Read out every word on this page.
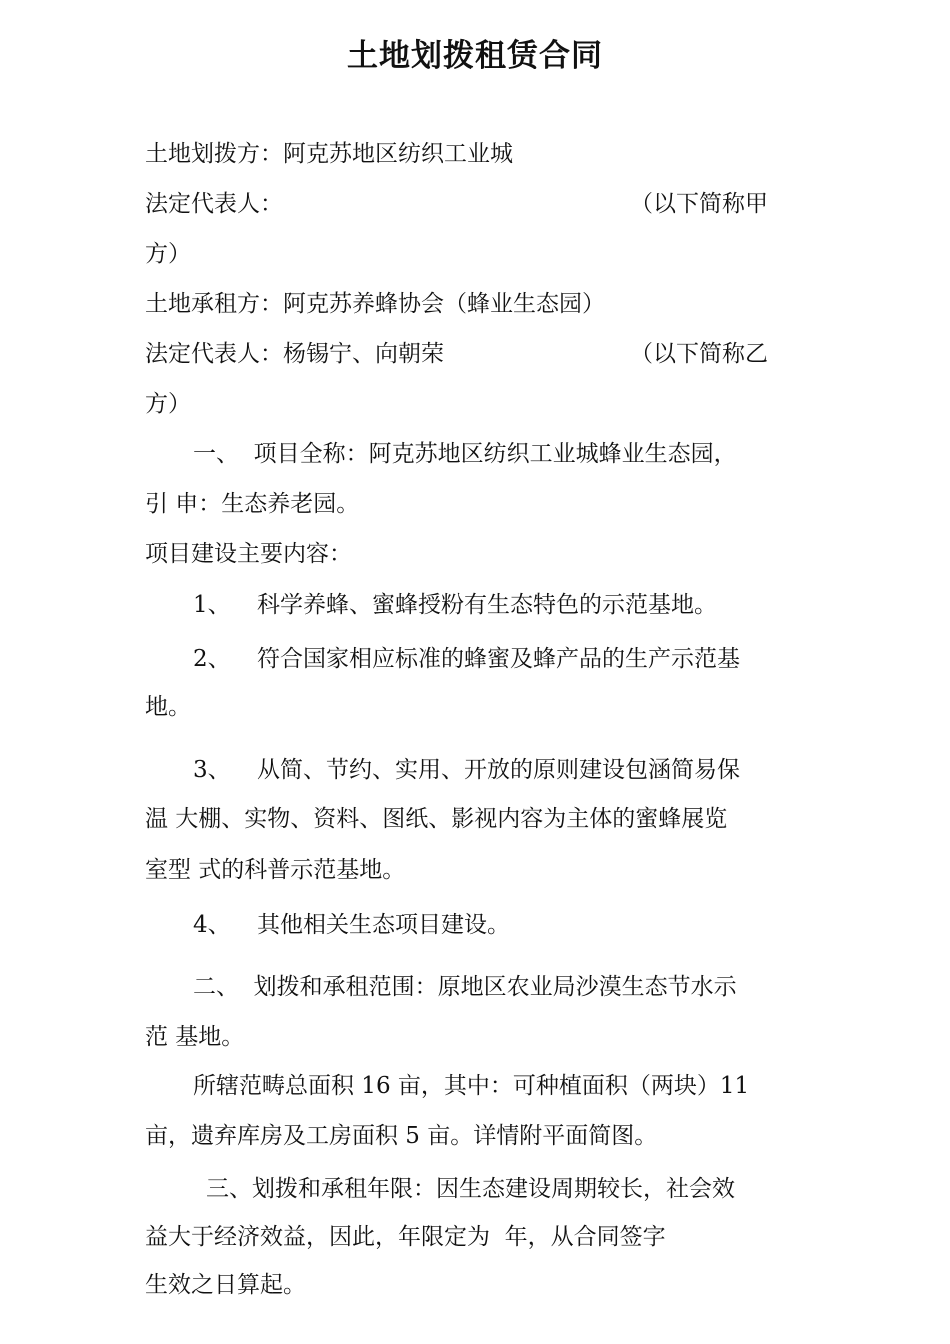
土地划拨租赁合同
土地划拨方：阿克苏地区纺织工业城
法定代表人：	（以下简称甲
方）
土地承租方：阿克苏养蜂协会（蜂业生态园）
法定代表人：杨锡宁、向朝荣	（以下简称乙
方）
一、  项目全称：阿克苏地区纺织工业城蜂业生态园，
引 申：生态养老园。
项目建设主要内容：
1、 科学养蜂、蜜蜂授粉有生态特色的示范基地。
2、 符合国家相应标准的蜂蜜及蜂产品的生产示范基
地。
3、 从简、节约、实用、开放的原则建设包涵简易保
温 大棚、实物、资料、图纸、影视内容为主体的蜜蜂展览
室型 式的科普示范基地。
4、 其他相关生态项目建设。
二、  划拨和承租范围：原地区农业局沙漠生态节水示
范 基地。
所辖范畴总面积 16 亩，其中：可种植面积（两块）11
亩，遗弃库房及工房面积 5 亩。详情附平面简图。
三、划拨和承租年限：因生态建设周期较长，社会效
益大于经济效益，因此，年限定为  年，从合同签字
生效之日算起。
